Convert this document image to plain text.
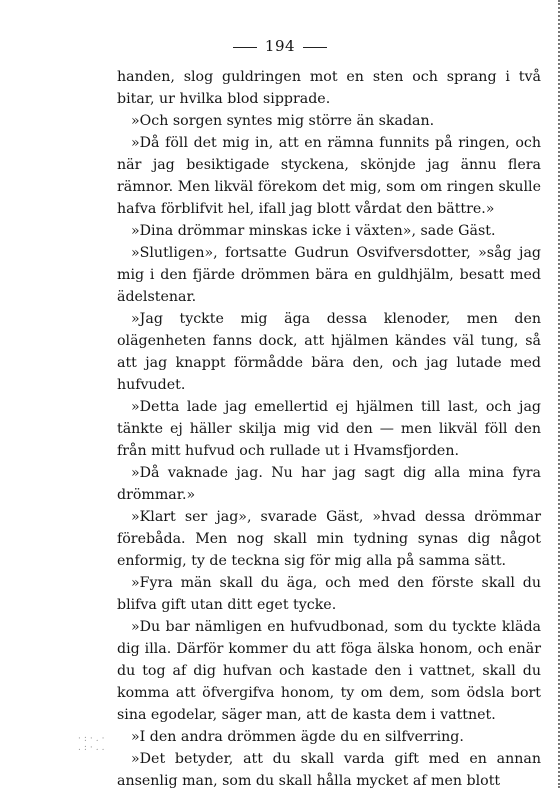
194

handen, slog guldringen mot en sten och sprang i två bitar, ur hvilka blod sipprade.

»Och sorgen syntes mig större än skadan.

»Då föll det mig in, att en rämna funnits på ringen, och när jag besiktigade styckena, skönjde jag ännu flera rämnor. Men likväl förekom det mig, som om ringen skulle hafva förblifvit hel, ifall jag blott vårdat den bättre.»

»Dina drömmar minskas icke i växten», sade Gäst.

»Slutligen», fortsatte Gudrun Osvifversdotter, »såg jag mig i den fjärde drömmen bära en guldhjälm, besatt med ädelstenar.

»Jag tyckte mig äga dessa klenoder, men den olägenheten fanns dock, att hjälmen kändes väl tung, så att jag knappt förmådde bära den, och jag lutade med hufvudet.

»Detta lade jag emellertid ej hjälmen till last, och jag tänkte ej häller skilja mig vid den — men likväl föll den från mitt hufvud och rullade ut i Hvamsfjorden.

»Då vaknade jag. Nu har jag sagt dig alla mina fyra drömmar.»

»Klart ser jag», svarade Gäst, »hvad dessa drömmar förebåda. Men nog skall min tydning synas dig något enformig, ty de teckna sig för mig alla på samma sätt.

»Fyra män skall du äga, och med den förste skall du blifva gift utan ditt eget tycke.

»Du bar nämligen en hufvudbonad, som du tyckte kläda dig illa. Därför kommer du att föga älska honom, och enär du tog af dig hufvan och kastade den i vattnet, skall du komma att öfvergifva honom, ty om dem, som ödsla bort sina egodelar, säger man, att de kasta dem i vattnet.

»I den andra drömmen ägde du en silfverring.

»Det betyder, att du skall varda gift med en annan ansenlig man, som du skall hålla mycket af men blott

·:·.·
.:·..
